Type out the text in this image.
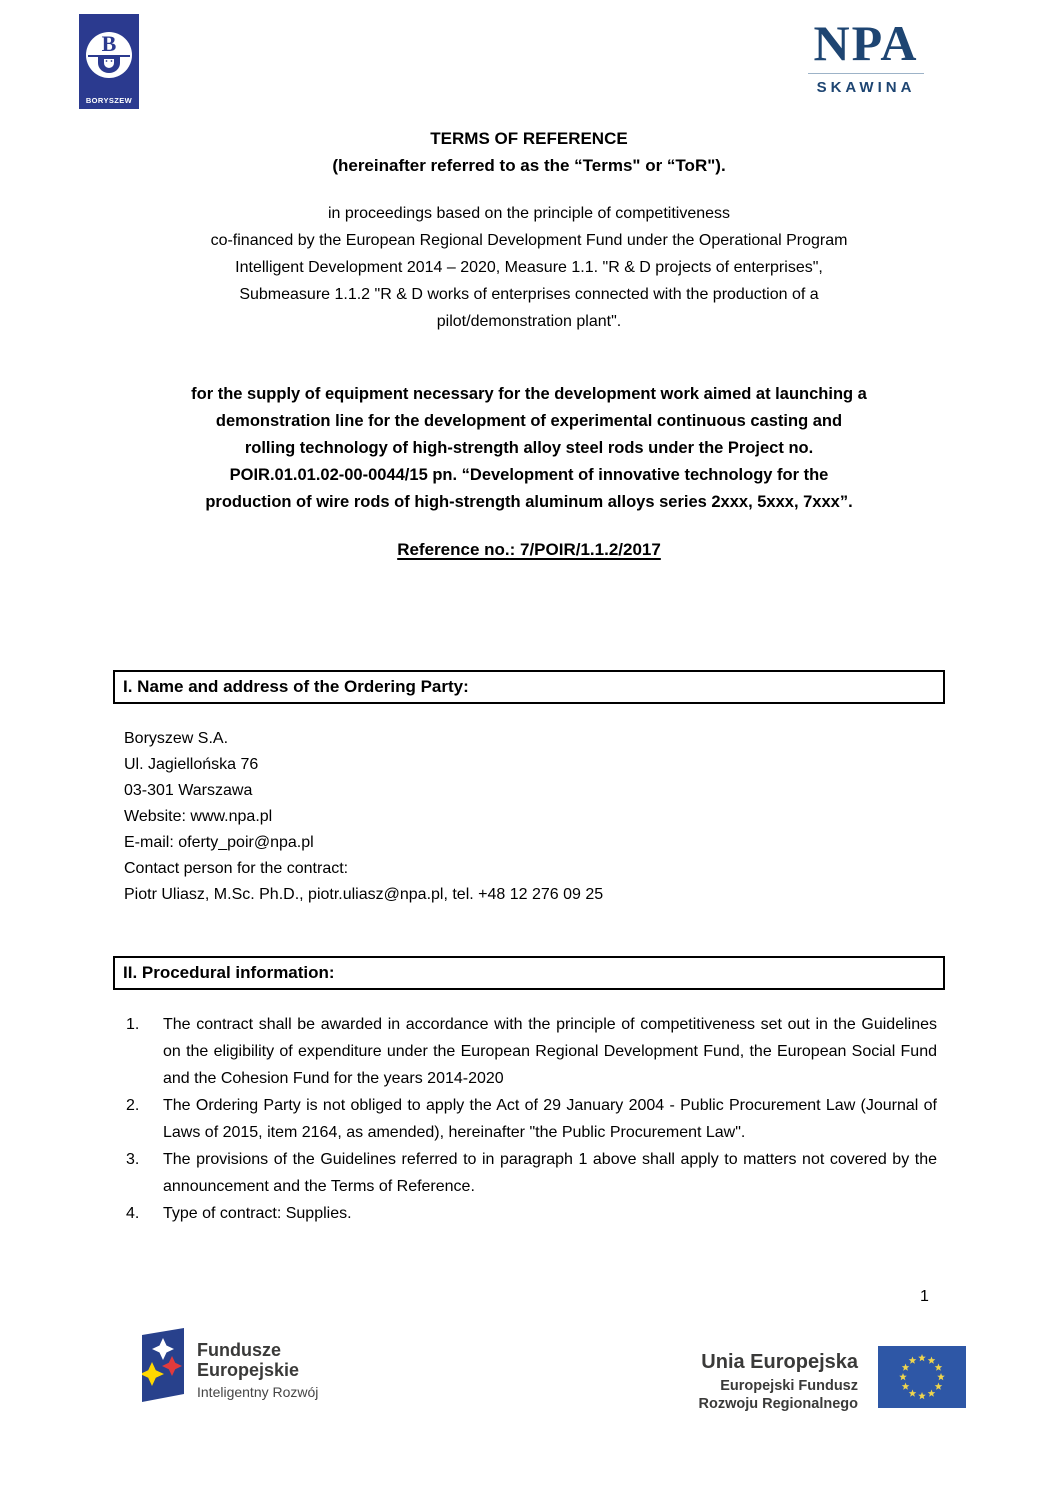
B
BORYSZEW
NPA
SKAWINA
TERMS OF REFERENCE
(hereinafter referred to as the “Terms" or “ToR").
in proceedings based on the principle of competitiveness
co-financed by the European Regional Development Fund under the Operational Program
Intelligent Development 2014 – 2020, Measure 1.1. "R & D projects of enterprises",
Submeasure 1.1.2 "R & D works of enterprises connected with the production of a
pilot/demonstration plant".
for the supply of equipment necessary for the development work aimed at launching a
demonstration line for the development of experimental continuous casting and
rolling technology of high-strength alloy steel rods under the Project no.
POIR.01.01.02-00-0044/15 pn. “Development of innovative technology for the
production of wire rods of high-strength aluminum alloys series 2xxx, 5xxx, 7xxx”.
Reference no.: 7/POIR/1.1.2/2017
I. Name and address of the Ordering Party:
Boryszew S.A.
Ul. Jagiellońska 76
03-301 Warszawa
Website: www.npa.pl
E-mail: oferty_poir@npa.pl
Contact person for the contract:
Piotr Uliasz, M.Sc. Ph.D., piotr.uliasz@npa.pl, tel. +48 12 276 09 25
II. Procedural information:
1.	The contract shall be awarded in accordance with the principle of competitiveness set out in the Guidelines on the eligibility of expenditure under the European Regional Development Fund, the European Social Fund and the Cohesion Fund for the years 2014-2020
2.	The Ordering Party is not obliged to apply the Act of 29 January 2004 - Public Procurement Law (Journal of Laws of 2015, item 2164, as amended), hereinafter "the Public Procurement Law".
3.	The provisions of the Guidelines referred to in paragraph 1 above shall apply to matters not covered by the announcement and the Terms of Reference.
4.	Type of contract: Supplies.
1
Fundusze
Europejskie
Inteligentny Rozwój
Unia Europejska
Europejski Fundusz
Rozwoju Regionalnego
